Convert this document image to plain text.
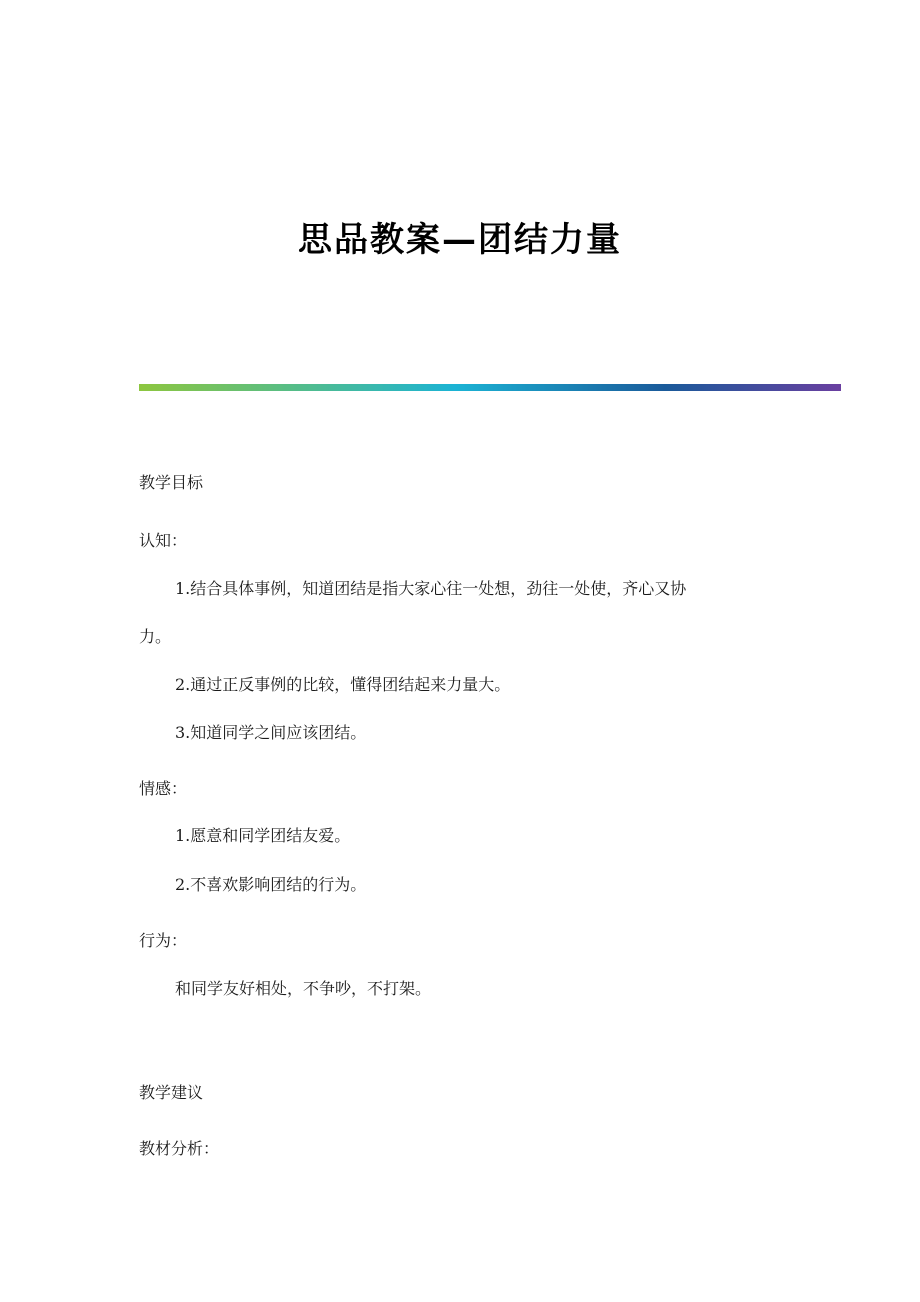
思品教案—团结力量
教学目标
认知：
1.结合具体事例，知道团结是指大家心往一处想，劲往一处使，齐心又协
力。
2.通过正反事例的比较，懂得团结起来力量大。
3.知道同学之间应该团结。
情感：
1.愿意和同学团结友爱。
2.不喜欢影响团结的行为。
行为：
和同学友好相处，不争吵，不打架。
教学建议
教材分析：
